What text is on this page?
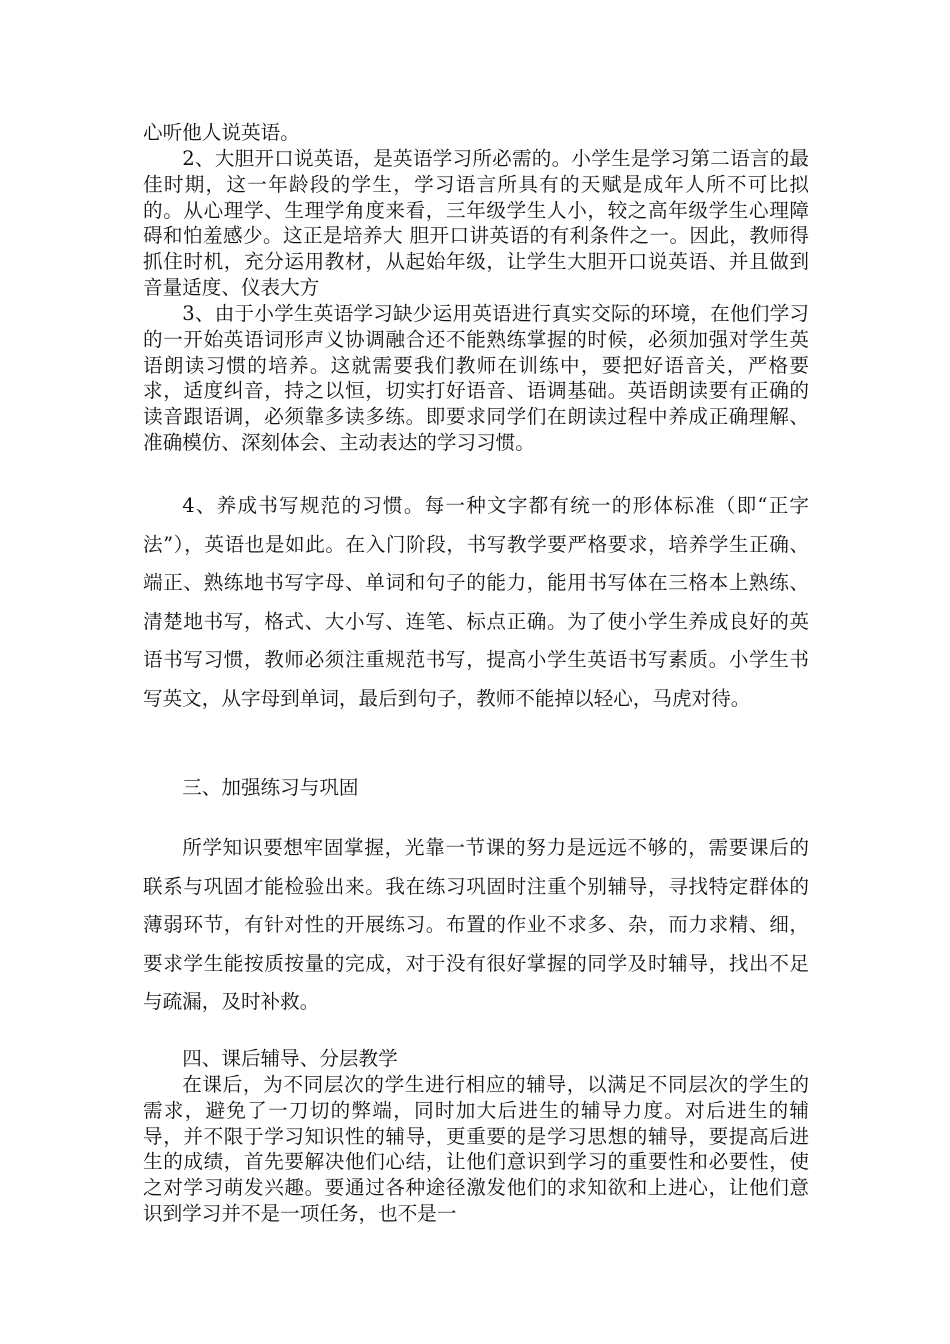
心听他人说英语。

2、大胆开口说英语，是英语学习所必需的。小学生是学习第二语言的最佳时期，这一年龄段的学生，学习语言所具有的天赋是成年人所不可比拟的。从心理学、生理学角度来看，三年级学生人小，较之高年级学生心理障碍和怕羞感少。这正是培养大 胆开口讲英语的有利条件之一。因此，教师得抓住时机，充分运用教材，从起始年级，让学生大胆开口说英语、并且做到音量适度、仪表大方

3、由于小学生英语学习缺少运用英语进行真实交际的环境，在他们学习的一开始英语词形声义协调融合还不能熟练掌握的时候，必须加强对学生英语朗读习惯的培养。这就需要我们教师在训练中，要把好语音关，严格要求，适度纠音，持之以恒，切实打好语音、语调基础。英语朗读要有正确的读音跟语调，必须靠多读多练。即要求同学们在朗读过程中养成正确理解、准确模仿、深刻体会、主动表达的学习习惯。

4、养成书写规范的习惯。每一种文字都有统一的形体标准（即“正字法”），英语也是如此。在入门阶段，书写教学要严格要求，培养学生正确、端正、熟练地书写字母、单词和句子的能力，能用书写体在三格本上熟练、清楚地书写，格式、大小写、连笔、标点正确。为了使小学生养成良好的英语书写习惯，教师必须注重规范书写，提高小学生英语书写素质。小学生书写英文，从字母到单词，最后到句子，教师不能掉以轻心，马虎对待。

三、加强练习与巩固

所学知识要想牢固掌握，光靠一节课的努力是远远不够的，需要课后的联系与巩固才能检验出来。我在练习巩固时注重个别辅导，寻找特定群体的薄弱环节，有针对性的开展练习。布置的作业不求多、杂，而力求精、细，要求学生能按质按量的完成，对于没有很好掌握的同学及时辅导，找出不足与疏漏，及时补救。

四、课后辅导、分层教学

在课后，为不同层次的学生进行相应的辅导，以满足不同层次的学生的需求，避免了一刀切的弊端，同时加大后进生的辅导力度。对后进生的辅导，并不限于学习知识性的辅导，更重要的是学习思想的辅导，要提高后进生的成绩，首先要解决他们心结，让他们意识到学习的重要性和必要性，使之对学习萌发兴趣。要通过各种途径激发他们的求知欲和上进心，让他们意识到学习并不是一项任务，也不是一
